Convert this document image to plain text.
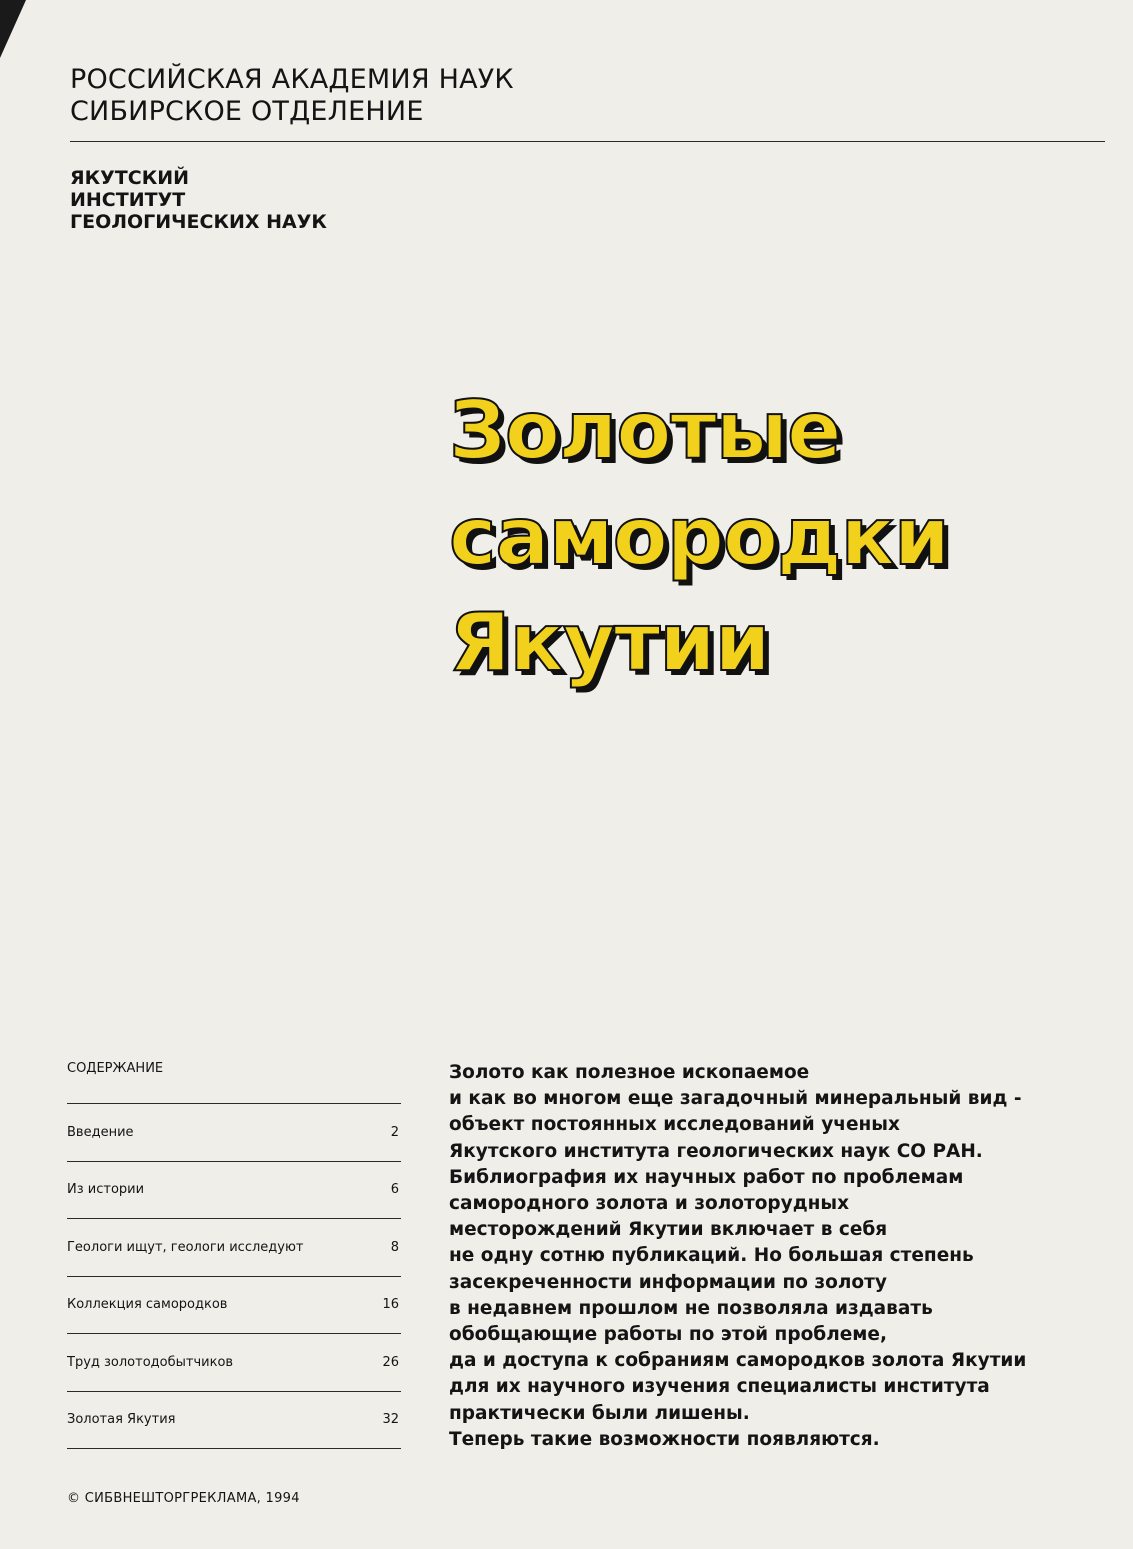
РОССИЙСКАЯ АКАДЕМИЯ НАУК
СИБИРСКОЕ ОТДЕЛЕНИЕ
ЯКУТСКИЙ
ИНСТИТУТ
ГЕОЛОГИЧЕСКИХ НАУК
Золотые
самородки
Якутии
СОДЕРЖАНИЕ
Введение	2
Из истории	6
Геологи ищут, геологи исследуют	8
Коллекция самородков	16
Труд золотодобытчиков	26
Золотая Якутия	32
Золото как полезное ископаемое
и как во многом еще загадочный минеральный вид -
объект постоянных исследований ученых
Якутского института геологических наук СО РАН.
Библиография их научных работ по проблемам
самородного золота и золоторудных
месторождений Якутии включает в себя
не одну сотню публикаций. Но большая степень
засекреченности информации по золоту
в недавнем прошлом не позволяла издавать
обобщающие работы по этой проблеме,
да и доступа к собраниям самородков золота Якутии
для их научного изучения специалисты института
практически были лишены.
Теперь такие возможности появляются.
© СИБВНЕШТОРГРЕКЛАМА, 1994
